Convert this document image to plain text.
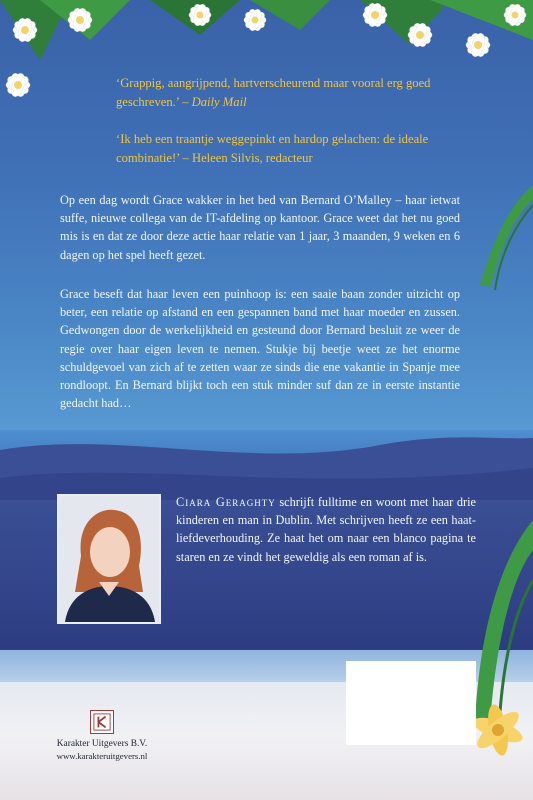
‘Grappig, aangrijpend, hartverscheurend maar vooral erg goed geschreven.’ – Daily Mail
‘Ik heb een traantje weggepinkt en hardop gelachen: de ideale combinatie!’ – Heleen Silvis, redacteur
Op een dag wordt Grace wakker in het bed van Bernard O’Malley – haar ietwat suffe, nieuwe collega van de IT-afdeling op kantoor. Grace weet dat het nu goed mis is en dat ze door deze actie haar relatie van 1 jaar, 3 maanden, 9 weken en 6 dagen op het spel heeft gezet.
Grace beseft dat haar leven een puinhoop is: een saaie baan zonder uitzicht op beter, een relatie op afstand en een gespannen band met haar moeder en zussen. Gedwongen door de werkelijkheid en gesteund door Bernard besluit ze weer de regie over haar eigen leven te nemen. Stukje bij beetje weet ze het enorme schuldgevoel van zich af te zetten waar ze sinds die ene vakantie in Spanje mee rondloopt. En Bernard blijkt toch een stuk minder suf dan ze in eerste instantie gedacht had…
Ciara Geraghty schrijft fulltime en woont met haar drie kinderen en man in Dublin. Met schrijven heeft ze een haat-liefdeverhouding. Ze haat het om naar een blanco pagina te staren en ze vindt het geweldig als een roman af is.
Karakter Uitgevers B.V.
www.karakteruitgevers.nl
